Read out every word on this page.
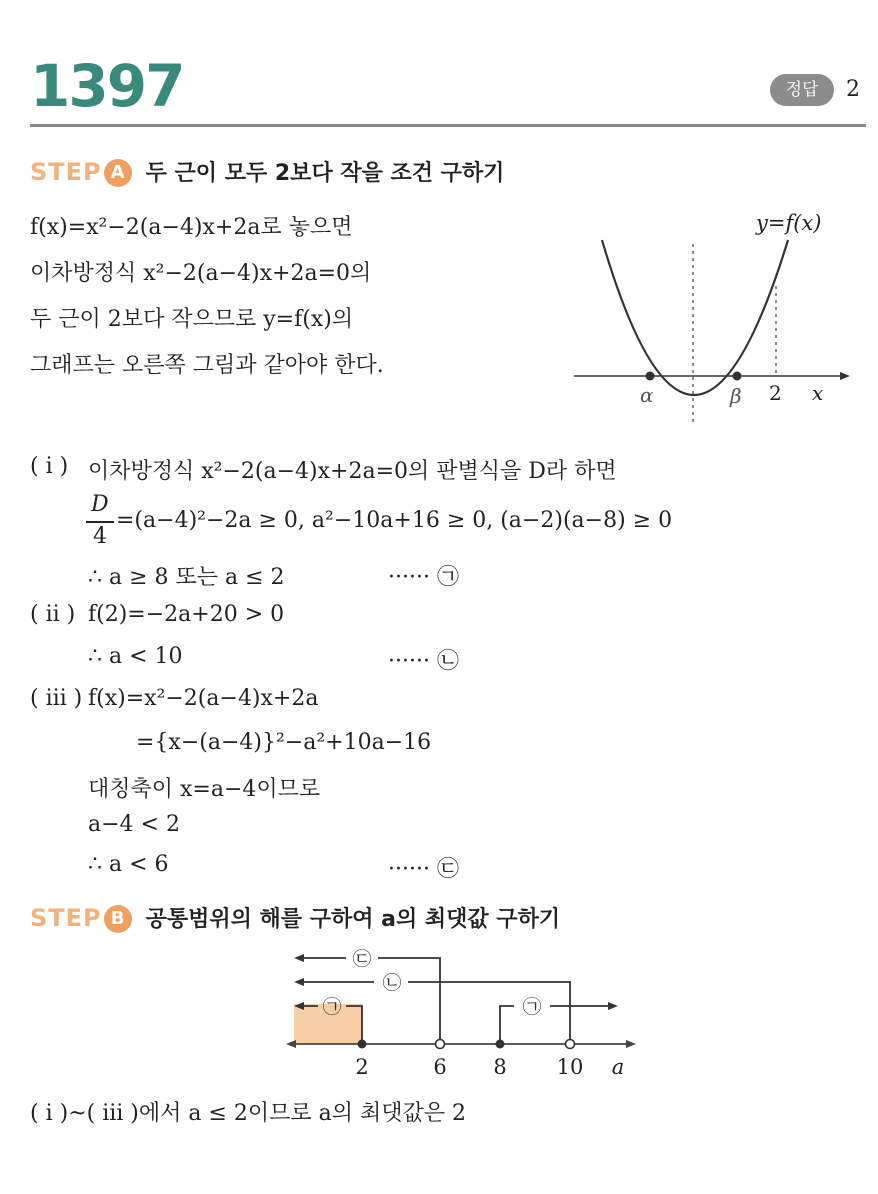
1397	정답	2
STEP A 두 근이 모두 2보다 작을 조건 구하기
f(x)=x²−2(a−4)x+2a로 놓으면
이차방정식 x²−2(a−4)x+2a=0의
두 근이 2보다 작으므로 y=f(x)의
그래프는 오른쪽 그림과 같아야 한다.
y=f(x)
α	β 2 x
( ⅰ ) 이차방정식 x²−2(a−4)x+2a=0의 판별식을 D라 하면
D
4
=(a−4)²−2a ≥ 0, a²−10a+16 ≥ 0, (a−2)(a−8) ≥ 0
∴ a ≥ 8 또는 a ≤ 2	······ ㉠
( ⅱ ) f(2)=−2a+20 > 0
∴ a < 10	······ ㉡
( ⅲ ) f(x)=x²−2(a−4)x+2a
={x−(a−4)}²−a²+10a−16
대칭축이 x=a−4이므로
a−4 < 2
∴ a < 6	······ ㉢
STEP B 공통범위의 해를 구하여 a의 최댓값 구하기
㉢
㉡
㉠	㉠
2	6 8 10 a
( ⅰ )~( ⅲ )에서 a ≤ 2이므로 a의 최댓값은 2
